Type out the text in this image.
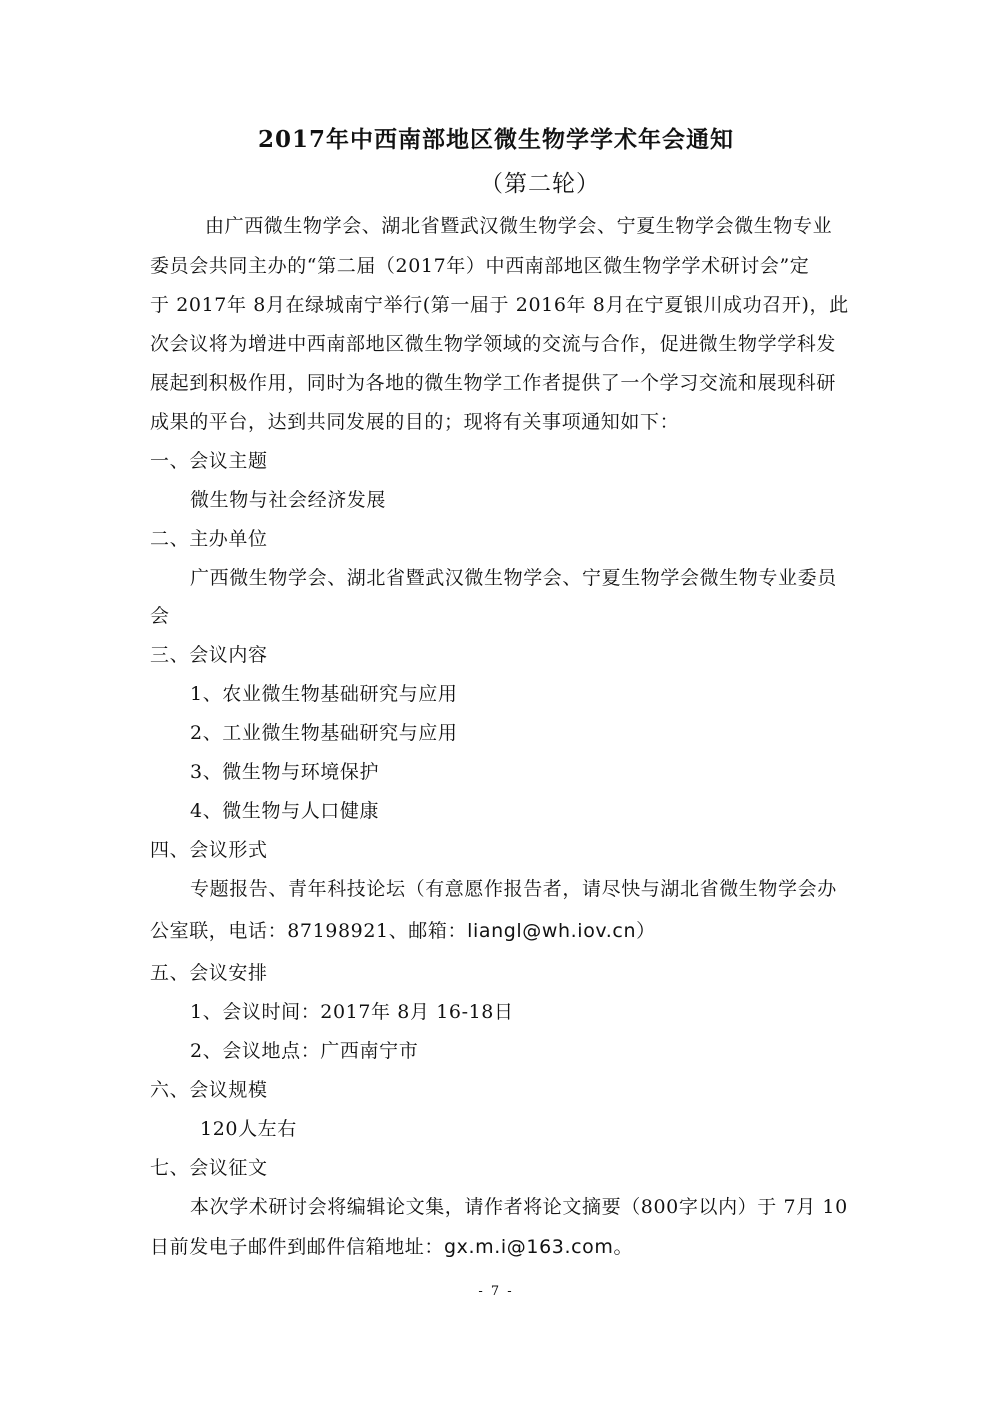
2017年中西南部地区微生物学学术年会通知
（第二轮）
由广西微生物学会、湖北省暨武汉微生物学会、宁夏生物学会微生物专业
委员会共同主办的“第二届（2017年）中西南部地区微生物学学术研讨会”定
于 2017年 8月在绿城南宁举行(第一届于 2016年 8月在宁夏银川成功召开)，此
次会议将为增进中西南部地区微生物学领域的交流与合作，促进微生物学学科发
展起到积极作用，同时为各地的微生物学工作者提供了一个学习交流和展现科研
成果的平台，达到共同发展的目的；现将有关事项通知如下：
一、会议主题
微生物与社会经济发展
二、主办单位
广西微生物学会、湖北省暨武汉微生物学会、宁夏生物学会微生物专业委员
会
三、会议内容
1、农业微生物基础研究与应用
2、工业微生物基础研究与应用
3、微生物与环境保护
4、微生物与人口健康
四、会议形式
专题报告、青年科技论坛（有意愿作报告者，请尽快与湖北省微生物学会办
公室联，电话：87198921、邮箱：liangl@wh.iov.cn）
五、会议安排
1、会议时间：2017年 8月 16-18日
2、会议地点：广西南宁市
六、会议规模
120人左右
七、会议征文
本次学术研讨会将编辑论文集，请作者将论文摘要（800字以内）于 7月 10
日前发电子邮件到邮件信箱地址：gx.m.i@163.com。
- 7 -
